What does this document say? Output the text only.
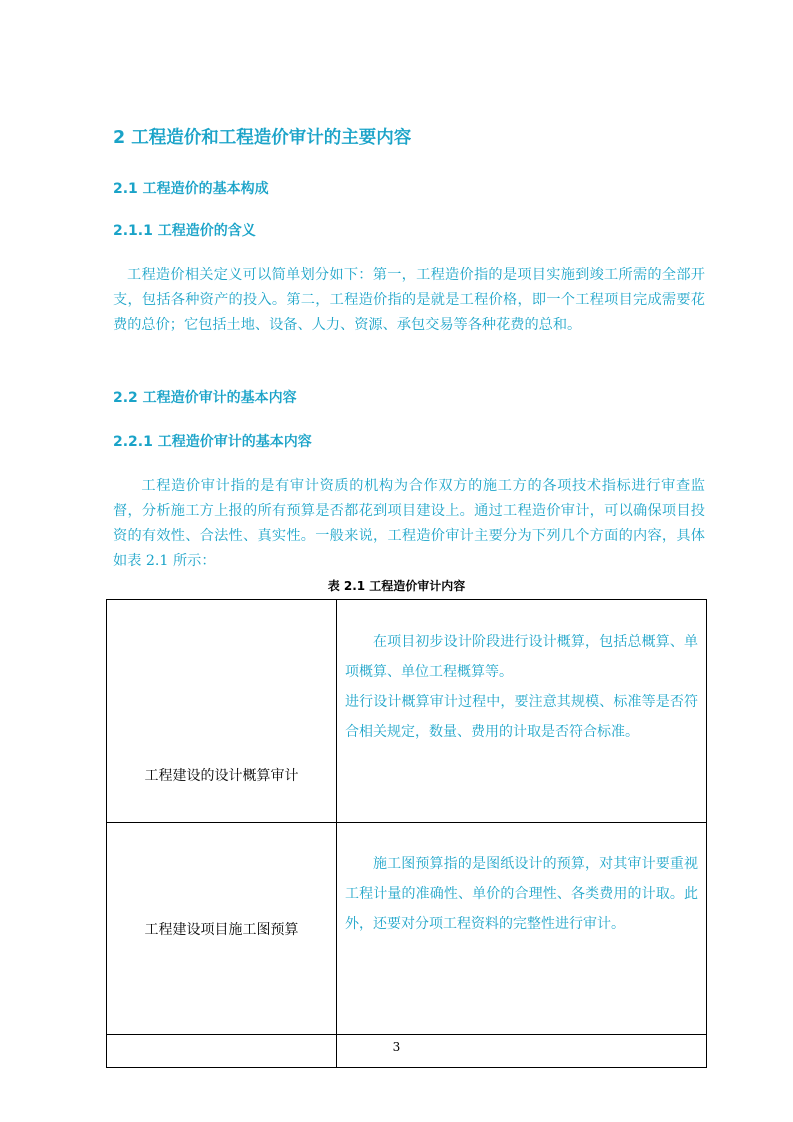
2 工程造价和工程造价审计的主要内容
2.1 工程造价的基本构成
2.1.1 工程造价的含义

工程造价相关定义可以简单划分如下：第一，工程造价指的是项目实施到竣工所需的全部开支，包括各种资产的投入。第二，工程造价指的是就是工程价格，即一个工程项目完成需要花费的总价；它包括土地、设备、人力、资源、承包交易等各种花费的总和。

2.2 工程造价审计的基本内容
2.2.1 工程造价审计的基本内容

工程造价审计指的是有审计资质的机构为合作双方的施工方的各项技术指标进行审查监督，分析施工方上报的所有预算是否都花到项目建设上。通过工程造价审计，可以确保项目投资的有效性、合法性、真实性。一般来说，工程造价审计主要分为下列几个方面的内容，具体如表 2.1 所示：

表 2.1 工程造价审计内容
工程建设的设计概算审计	在项目初步设计阶段进行设计概算，包括总概算、单项概算、单位工程概算等。

进行设计概算审计过程中，要注意其规模、标准等是否符合相关规定，数量、费用的计取是否符合标准。

工程建设项目施工图预算	施工图预算指的是图纸设计的预算，对其审计要重视工程计量的准确性、单价的合理性、各类费用的计取。此外，还要对分项工程资料的完整性进行审计。

3
